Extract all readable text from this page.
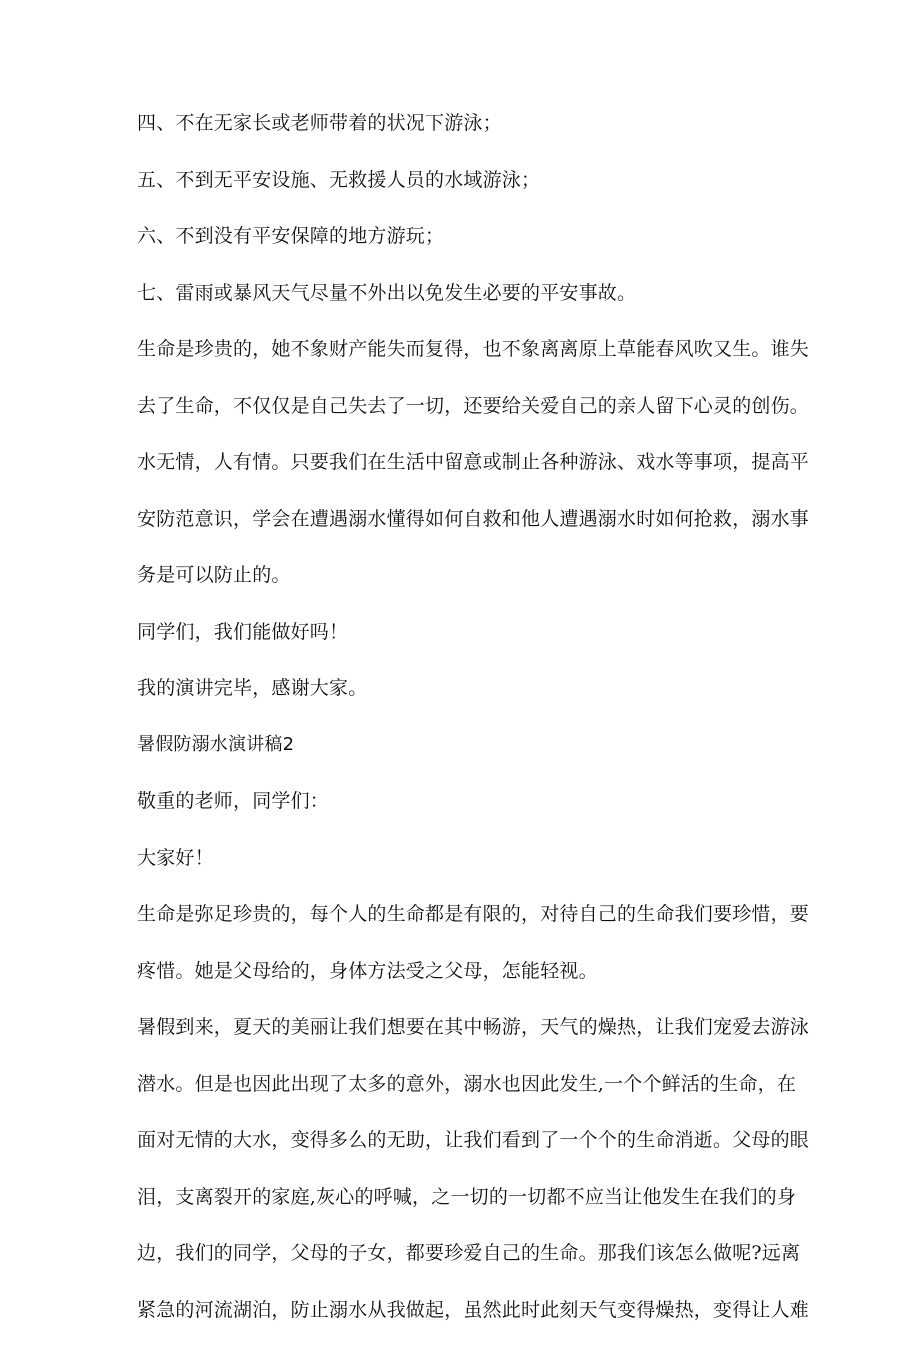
四、不在无家长或老师带着的状况下游泳；

五、不到无平安设施、无救援人员的水域游泳；

六、不到没有平安保障的地方游玩；

七、雷雨或暴风天气尽量不外出以免发生必要的平安事故。

生命是珍贵的，她不象财产能失而复得，也不象离离原上草能春风吹又生。谁失

去了生命，不仅仅是自己失去了一切，还要给关爱自己的亲人留下心灵的创伤。

水无情，人有情。只要我们在生活中留意或制止各种游泳、戏水等事项，提高平

安防范意识，学会在遭遇溺水懂得如何自救和他人遭遇溺水时如何抢救，溺水事

务是可以防止的。

同学们，我们能做好吗！

我的演讲完毕，感谢大家。

暑假防溺水演讲稿2

敬重的老师，同学们：

大家好！

生命是弥足珍贵的，每个人的生命都是有限的，对待自己的生命我们要珍惜，要

疼惜。她是父母给的，身体方法受之父母，怎能轻视。

暑假到来，夏天的美丽让我们想要在其中畅游，天气的燥热，让我们宠爱去游泳

潜水。但是也因此出现了太多的意外，溺水也因此发生,一个个鲜活的生命，在

面对无情的大水，变得多么的无助，让我们看到了一个个的生命消逝。父母的眼

泪，支离裂开的家庭,灰心的呼喊，之一切的一切都不应当让他发生在我们的身

边，我们的同学，父母的子女，都要珍爱自己的生命。那我们该怎么做呢?远离

紧急的河流湖泊，防止溺水从我做起，虽然此时此刻天气变得燥热，变得让人难
